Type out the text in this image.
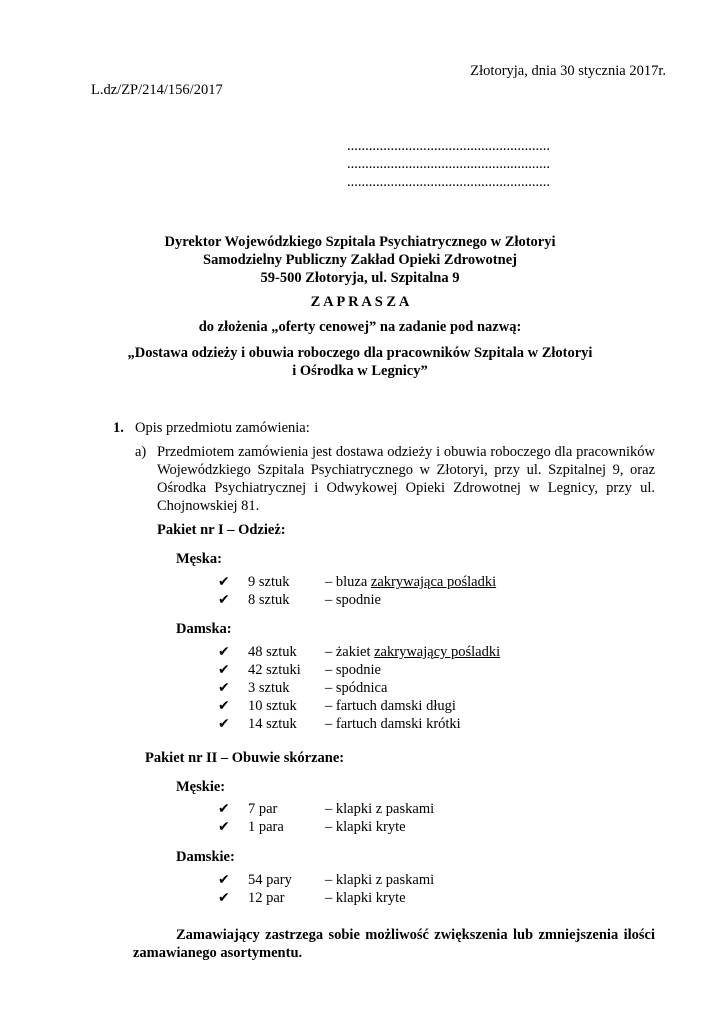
Złotoryja, dnia 30 stycznia 2017r.
L.dz/ZP/214/156/2017
........................................................
........................................................
........................................................
Dyrektor Wojewódzkiego Szpitala Psychiatrycznego w Złotoryi
Samodzielny Publiczny Zakład Opieki Zdrowotnej
59-500 Złotoryja, ul. Szpitalna 9
Z A P R A S Z A
do złożenia „oferty cenowej” na zadanie pod nazwą:
„Dostawa odzieży i obuwia roboczego dla pracowników Szpitala w Złotoryi
i Ośrodka w Legnicy”
1. Opis przedmiotu zamówienia:
a) Przedmiotem zamówienia jest dostawa odzieży i obuwia roboczego dla pracowników Wojewódzkiego Szpitala Psychiatrycznego w Złotoryi, przy ul. Szpitalnej 9, oraz Ośrodka Psychiatrycznej i Odwykowej Opieki Zdrowotnej w Legnicy, przy ul. Chojnowskiej 81.
Pakiet nr I – Odzież:
Męska:
✔	9 sztuk	– bluza zakrywająca pośladki
✔	8 sztuk	– spodnie
Damska:
✔	48 sztuk	– żakiet zakrywający pośladki
✔	42 sztuki	– spodnie
✔	3 sztuk	– spódnica
✔	10 sztuk	– fartuch damski długi
✔	14 sztuk	– fartuch damski krótki
Pakiet nr II – Obuwie skórzane:
Męskie:
✔	7 par	– klapki z paskami
✔	1 para	– klapki kryte
Damskie:
✔	54 pary	– klapki z paskami
✔	12 par	– klapki kryte
Zamawiający zastrzega sobie możliwość zwiększenia lub zmniejszenia ilości zamawianego asortymentu.
